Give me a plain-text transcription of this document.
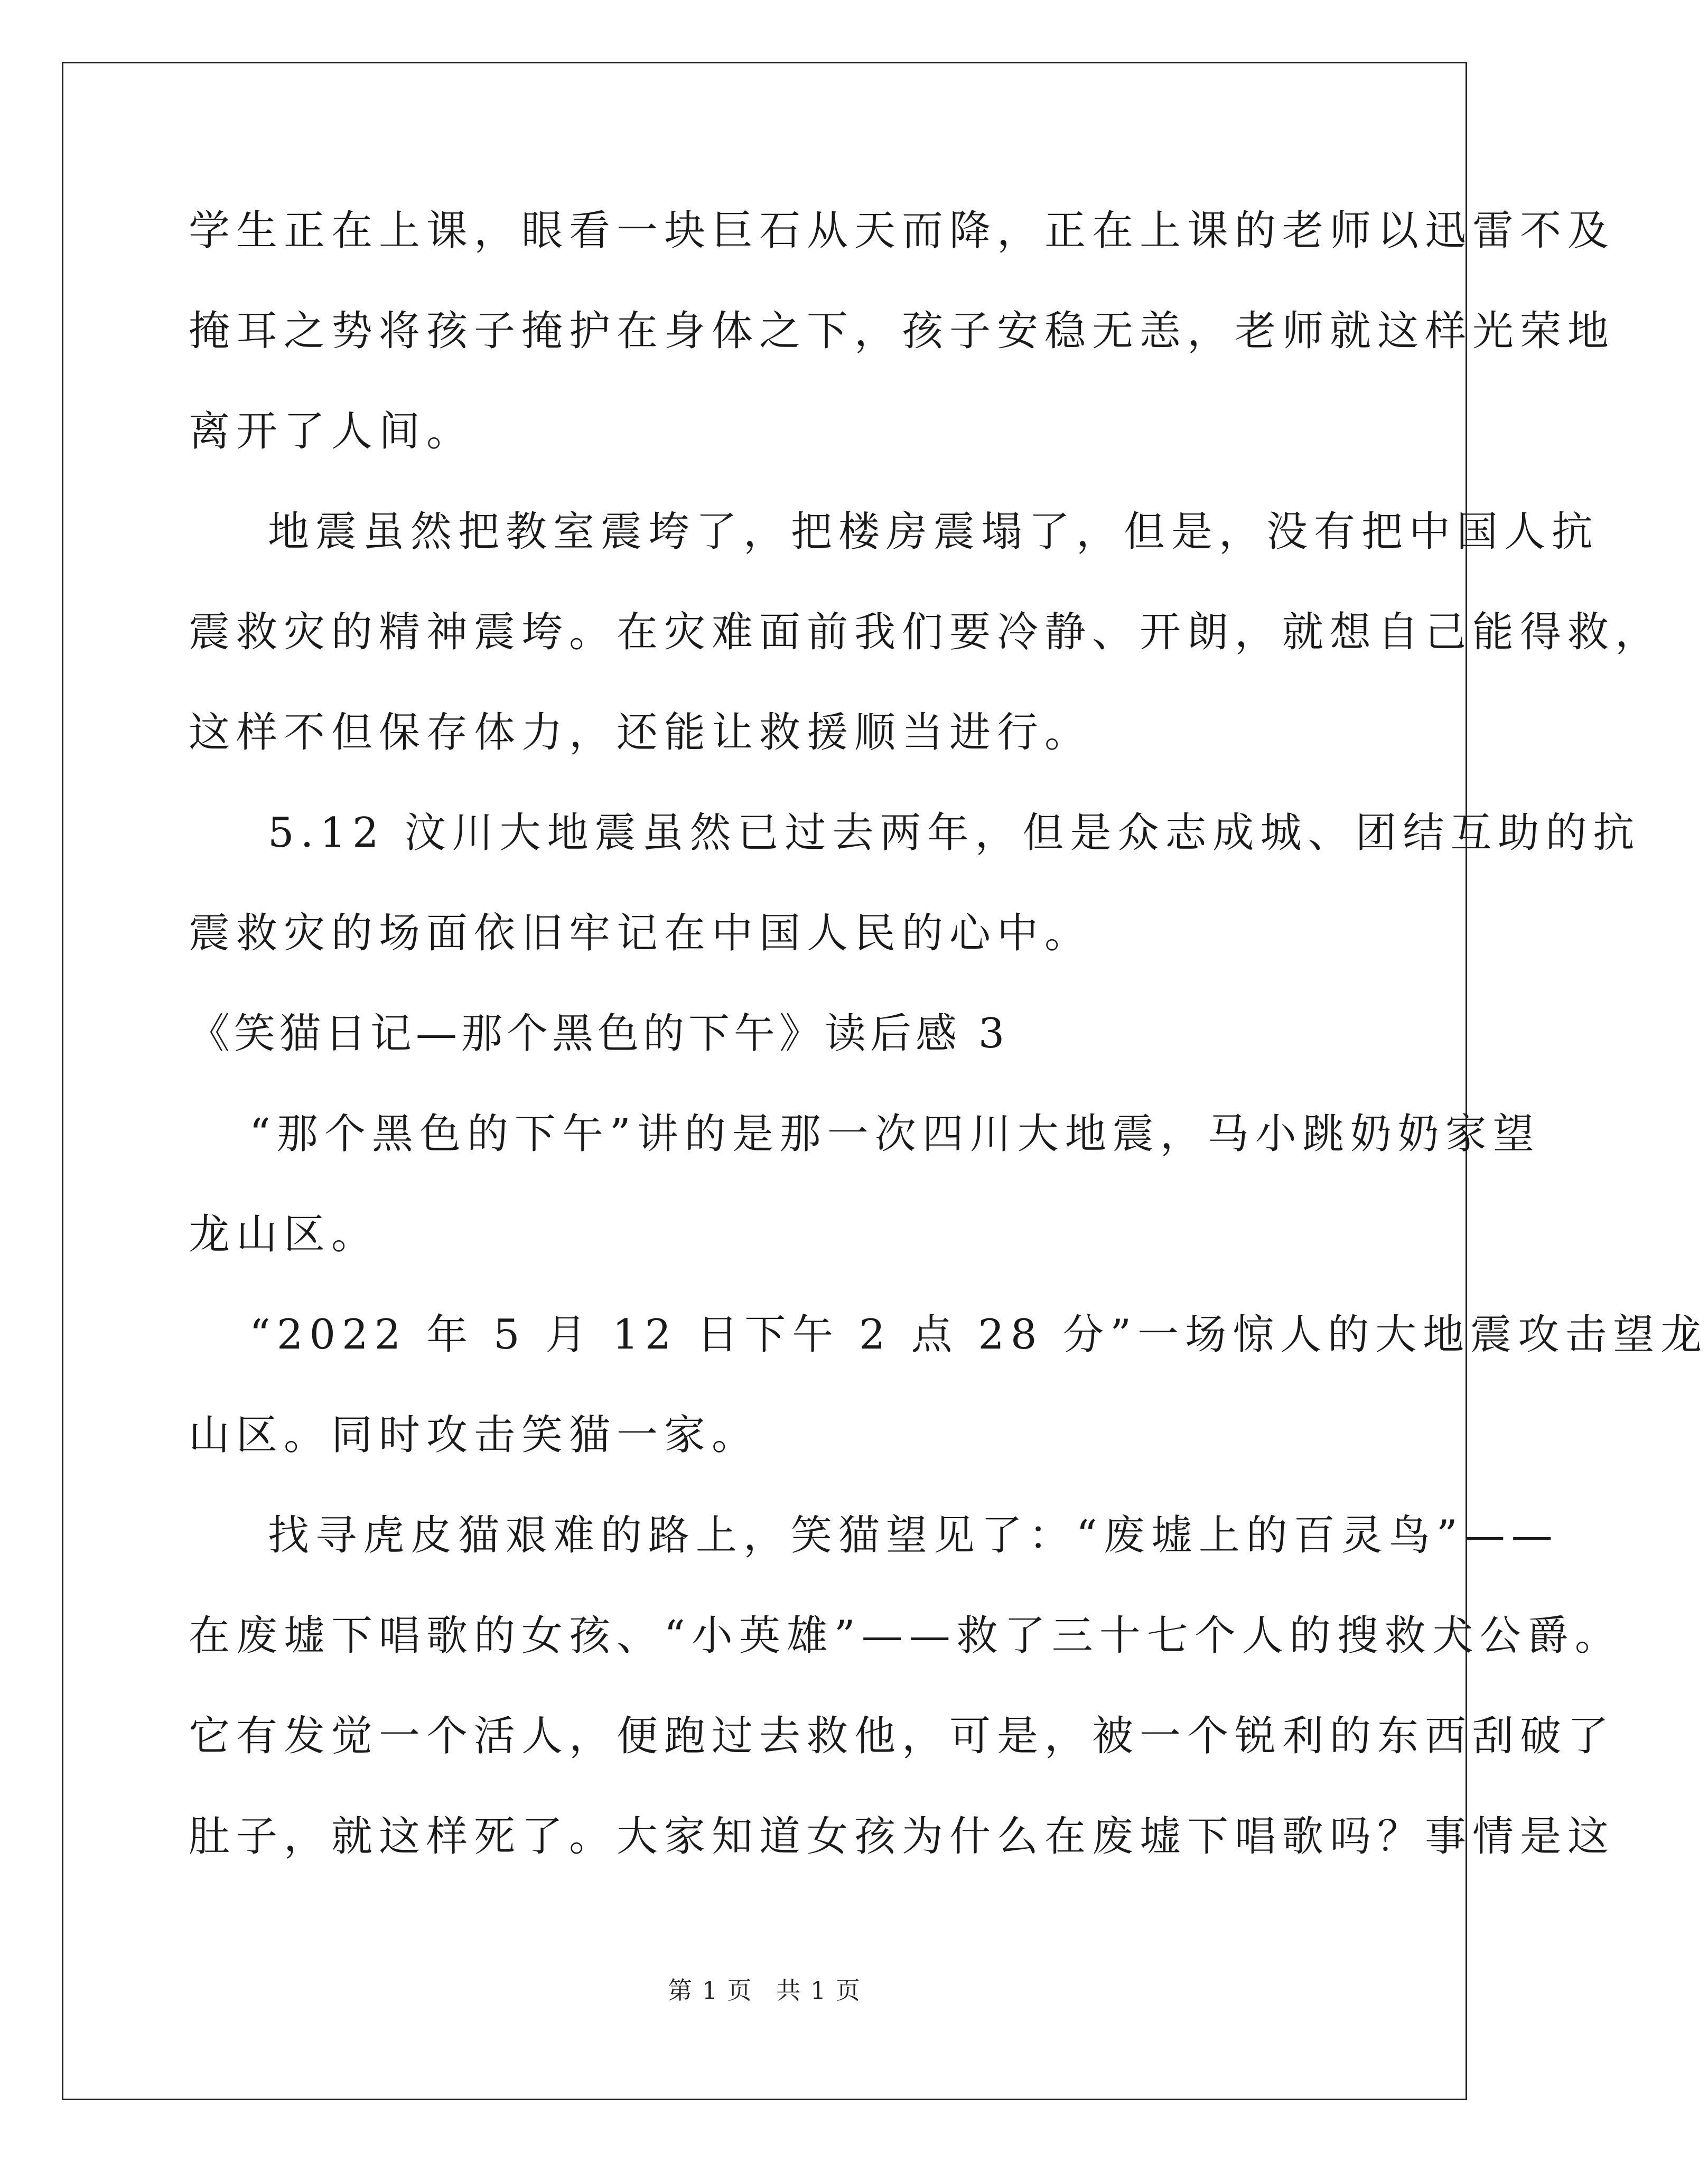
学生正在上课，眼看一块巨石从天而降，正在上课的老师以迅雷不及
掩耳之势将孩子掩护在身体之下，孩子安稳无恙，老师就这样光荣地
离开了人间。
地震虽然把教室震垮了，把楼房震塌了，但是，没有把中国人抗
震救灾的精神震垮。在灾难面前我们要冷静、开朗，就想自己能得救，
这样不但保存体力，还能让救援顺当进行。
5.12 汶川大地震虽然已过去两年，但是众志成城、团结互助的抗
震救灾的场面依旧牢记在中国人民的心中。
《笑猫日记—那个黑色的下午》读后感 3
“那个黑色的下午”讲的是那一次四川大地震，马小跳奶奶家望
龙山区。
“2022 年 5 月 12 日下午 2 点 28 分”一场惊人的大地震攻击望龙
山区。同时攻击笑猫一家。
找寻虎皮猫艰难的路上，笑猫望见了：“废墟上的百灵鸟”——
在废墟下唱歌的女孩、“小英雄”——救了三十七个人的搜救犬公爵。
它有发觉一个活人，便跑过去救他，可是，被一个锐利的东西刮破了
肚子，就这样死了。大家知道女孩为什么在废墟下唱歌吗？事情是这
第 1 页 共 1 页
